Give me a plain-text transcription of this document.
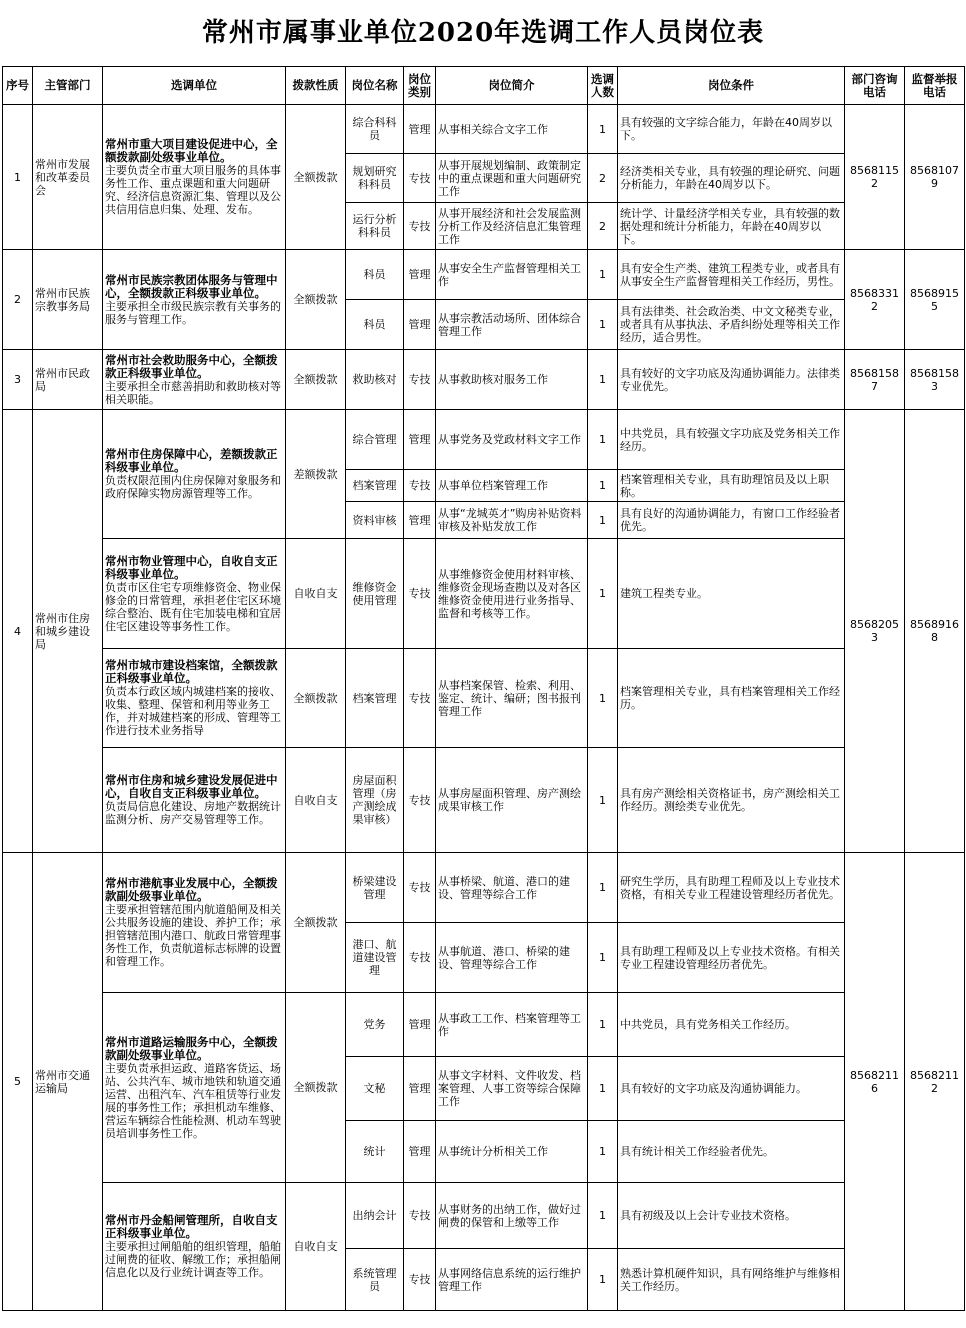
常州市属事业单位2020年选调工作人员岗位表
序号	主管部门	选调单位	拨款性质	岗位名称	岗位类别	岗位简介	选调人数	岗位条件	部门咨询电话	监督举报电话
1	常州市发展和改革委员会	常州市重大项目建设促进中心，全额拨款副处级事业单位。
主要负责全市重大项目服务的具体事务性工作、重点课题和重大问题研究、经济信息资源汇集、管理以及公共信用信息归集、处理、发布。	全额拨款	综合科科员	管理	从事相关综合文字工作	1	具有较强的文字综合能力，年龄在40周岁以下。	85681152	85681079
				规划研究科科员	专技	从事开展规划编制、政策制定中的重点课题和重大问题研究工作	2	经济类相关专业，具有较强的理论研究、问题分析能力，年龄在40周岁以下。		
				运行分析科科员	专技	从事开展经济和社会发展监测分析工作及经济信息汇集管理工作	2	统计学、计量经济学相关专业，具有较强的数据处理和统计分析能力，年龄在40周岁以下。		
2	常州市民族宗教事务局	常州市民族宗教团体服务与管理中心，全额拨款正科级事业单位。
主要承担全市级民族宗教有关事务的服务与管理工作。	全额拨款	科员	管理	从事安全生产监督管理相关工作	1	具有安全生产类、建筑工程类专业，或者具有从事安全生产监督管理相关工作经历，男性。	85683312	85689155
				科员	管理	从事宗教活动场所、团体综合管理工作	1	具有法律类、社会政治类、中文文秘类专业，或者具有从事执法、矛盾纠纷处理等相关工作经历，适合男性。		
3	常州市民政局	常州市社会救助服务中心，全额拨款正科级事业单位。
主要承担全市慈善捐助和救助核对等相关职能。	全额拨款	救助核对	专技	从事救助核对服务工作	1	具有较好的文字功底及沟通协调能力。法律类专业优先。	85681587	85681583
4	常州市住房和城乡建设局	常州市住房保障中心，差额拨款正科级事业单位。
负责权限范围内住房保障对象服务和政府保障实物房源管理等工作。	差额拨款	综合管理	管理	从事党务及党政材料文字工作	1	中共党员，具有较强文字功底及党务相关工作经历。	85682053	85689168
				档案管理	专技	从事单位档案管理工作	1	档案管理相关专业，具有助理馆员及以上职称。		
				资料审核	管理	从事“龙城英才”购房补贴资料审核及补贴发放工作	1	具有良好的沟通协调能力，有窗口工作经验者优先。		

		常州市物业管理中心，自收自支正科级事业单位。
负责市区住宅专项维修资金、物业保修金的日常管理，承担老住宅区环境综合整治、既有住宅加装电梯和宜居住宅区建设等事务性工作。	自收自支	维修资金使用管理	专技	从事维修资金使用材料审核、维修资金现场查勘以及对各区维修资金使用进行业务指导、监督和考核等工作。	1	建筑工程类专业。		

		常州市城市建设档案馆，全额拨款正科级事业单位。
负责本行政区域内城建档案的接收、收集、整理、保管和利用等业务工作，并对城建档案的形成、管理等工作进行技术业务指导	全额拨款	档案管理	专技	从事档案保管、检索、利用、鉴定、统计、编研；图书报刊管理工作	1	档案管理相关专业，具有档案管理相关工作经历。		

		常州市住房和城乡建设发展促进中心，自收自支正科级事业单位。
负责局信息化建设、房地产数据统计监测分析、房产交易管理等工作。	自收自支	房屋面积管理（房产测绘成果审核）	专技	从事房屋面积管理、房产测绘成果审核工作	1	具有房产测绘相关资格证书，房产测绘相关工作经历。测绘类专业优先。		
5	常州市交通运输局	常州市港航事业发展中心，全额拨款副处级事业单位。
主要承担管辖范围内航道船闸及相关公共服务设施的建设、养护工作；承担管辖范围内港口、航政日常管理事务性工作，负责航道标志标牌的设置和管理工作。	全额拨款	桥梁建设管理	专技	从事桥梁、航道、港口的建设、管理等综合工作	1	研究生学历，具有助理工程师及以上专业技术资格，有相关专业工程建设管理经历者优先。	85682116	85682112
				港口、航道建设管理	专技	从事航道、港口、桥梁的建设、管理等综合工作	1	具有助理工程师及以上专业技术资格。有相关专业工程建设管理经历者优先。		

		常州市道路运输服务中心，全额拨款副处级事业单位。
主要负责承担运政、道路客货运、场站、公共汽车、城市地铁和轨道交通运营、出租汽车、汽车租赁等行业发展的事务性工作；承担机动车维修、营运车辆综合性能检测、机动车驾驶员培训事务性工作。	全额拨款	党务	管理	从事政工工作、档案管理等工作	1	中共党员，具有党务相关工作经历。		
				文秘	管理	从事文字材料、文件收发、档案管理、人事工资等综合保障工作	1	具有较好的文字功底及沟通协调能力。		
				统计	管理	从事统计分析相关工作	1	具有统计相关工作经验者优先。		

		常州市丹金船闸管理所，自收自支正科级事业单位。
主要承担过闸船舶的组织管理，船舶过闸费的征收、解缴工作；承担船闸信息化以及行业统计调查等工作。	自收自支	出纳会计	专技	从事财务的出纳工作，做好过闸费的保管和上缴等工作	1	具有初级及以上会计专业技术资格。		
				系统管理员	专技	从事网络信息系统的运行维护管理工作	1	熟悉计算机硬件知识，具有网络维护与维修相关工作经历。		
